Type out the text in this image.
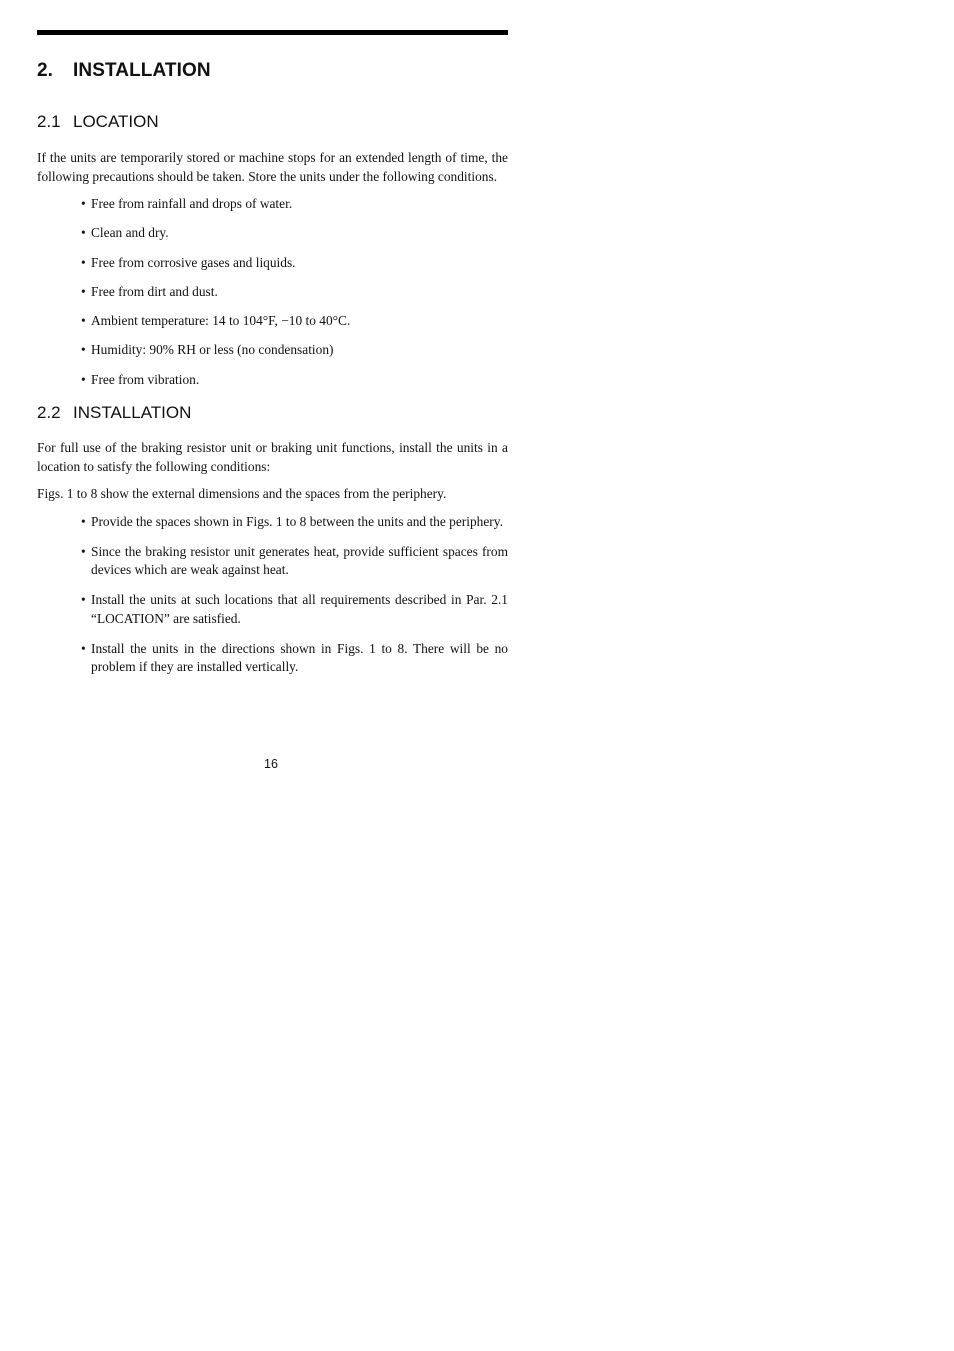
2. INSTALLATION
2.1 LOCATION

If the units are temporarily stored or machine stops for an extended length of time, the following precautions should be taken. Store the units under the following conditions.

• Free from rainfall and drops of water.
• Clean and dry.
• Free from corrosive gases and liquids.
• Free from dirt and dust.
• Ambient temperature: 14 to 104°F, −10 to 40°C.
• Humidity: 90% RH or less (no condensation)
• Free from vibration.
2.2 INSTALLATION

For full use of the braking resistor unit or braking unit functions, install the units in a location to satisfy the following conditions:

Figs. 1 to 8 show the external dimensions and the spaces from the periphery.

• Provide the spaces shown in Figs. 1 to 8 between the units and the periphery.
• Since the braking resistor unit generates heat, provide sufficient spaces from devices which are weak against heat.
• Install the units at such locations that all requirements described in Par. 2.1 “LOCATION” are satisfied.
• Install the units in the directions shown in Figs. 1 to 8. There will be no problem if they are installed vertically.
16
